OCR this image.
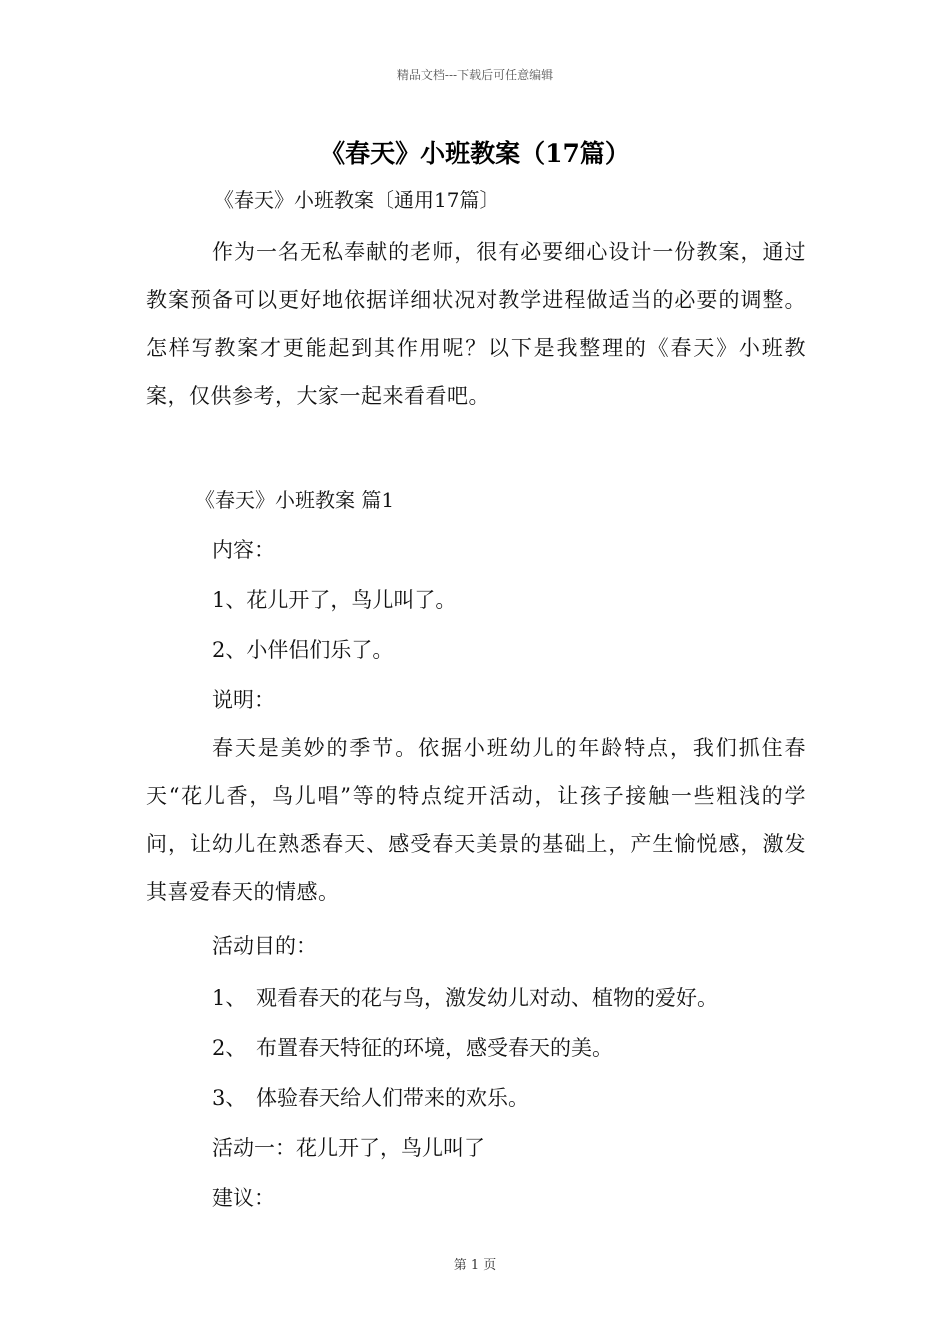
精品文档---下载后可任意编辑
《春天》小班教案（17篇）
《春天》小班教案〔通用17篇〕

作为一名无私奉献的老师，很有必要细心设计一份教案，通过教案预备可以更好地依据详细状况对教学进程做适当的必要的调整。怎样写教案才更能起到其作用呢？以下是我整理的《春天》小班教案，仅供参考，大家一起来看看吧。

《春天》小班教案 篇1
内容：
1、花儿开了，鸟儿叫了。
2、小伴侣们乐了。
说明：

春天是美妙的季节。依据小班幼儿的年龄特点，我们抓住春天“花儿香，鸟儿唱”等的特点绽开活动，让孩子接触一些粗浅的学问，让幼儿在熟悉春天、感受春天美景的基础上，产生愉悦感，激发其喜爱春天的情感。

活动目的：
1、 观看春天的花与鸟，激发幼儿对动、植物的爱好。
2、 布置春天特征的环境，感受春天的美。
3、 体验春天给人们带来的欢乐。
活动一：花儿开了，鸟儿叫了
建议：
第 1 页
